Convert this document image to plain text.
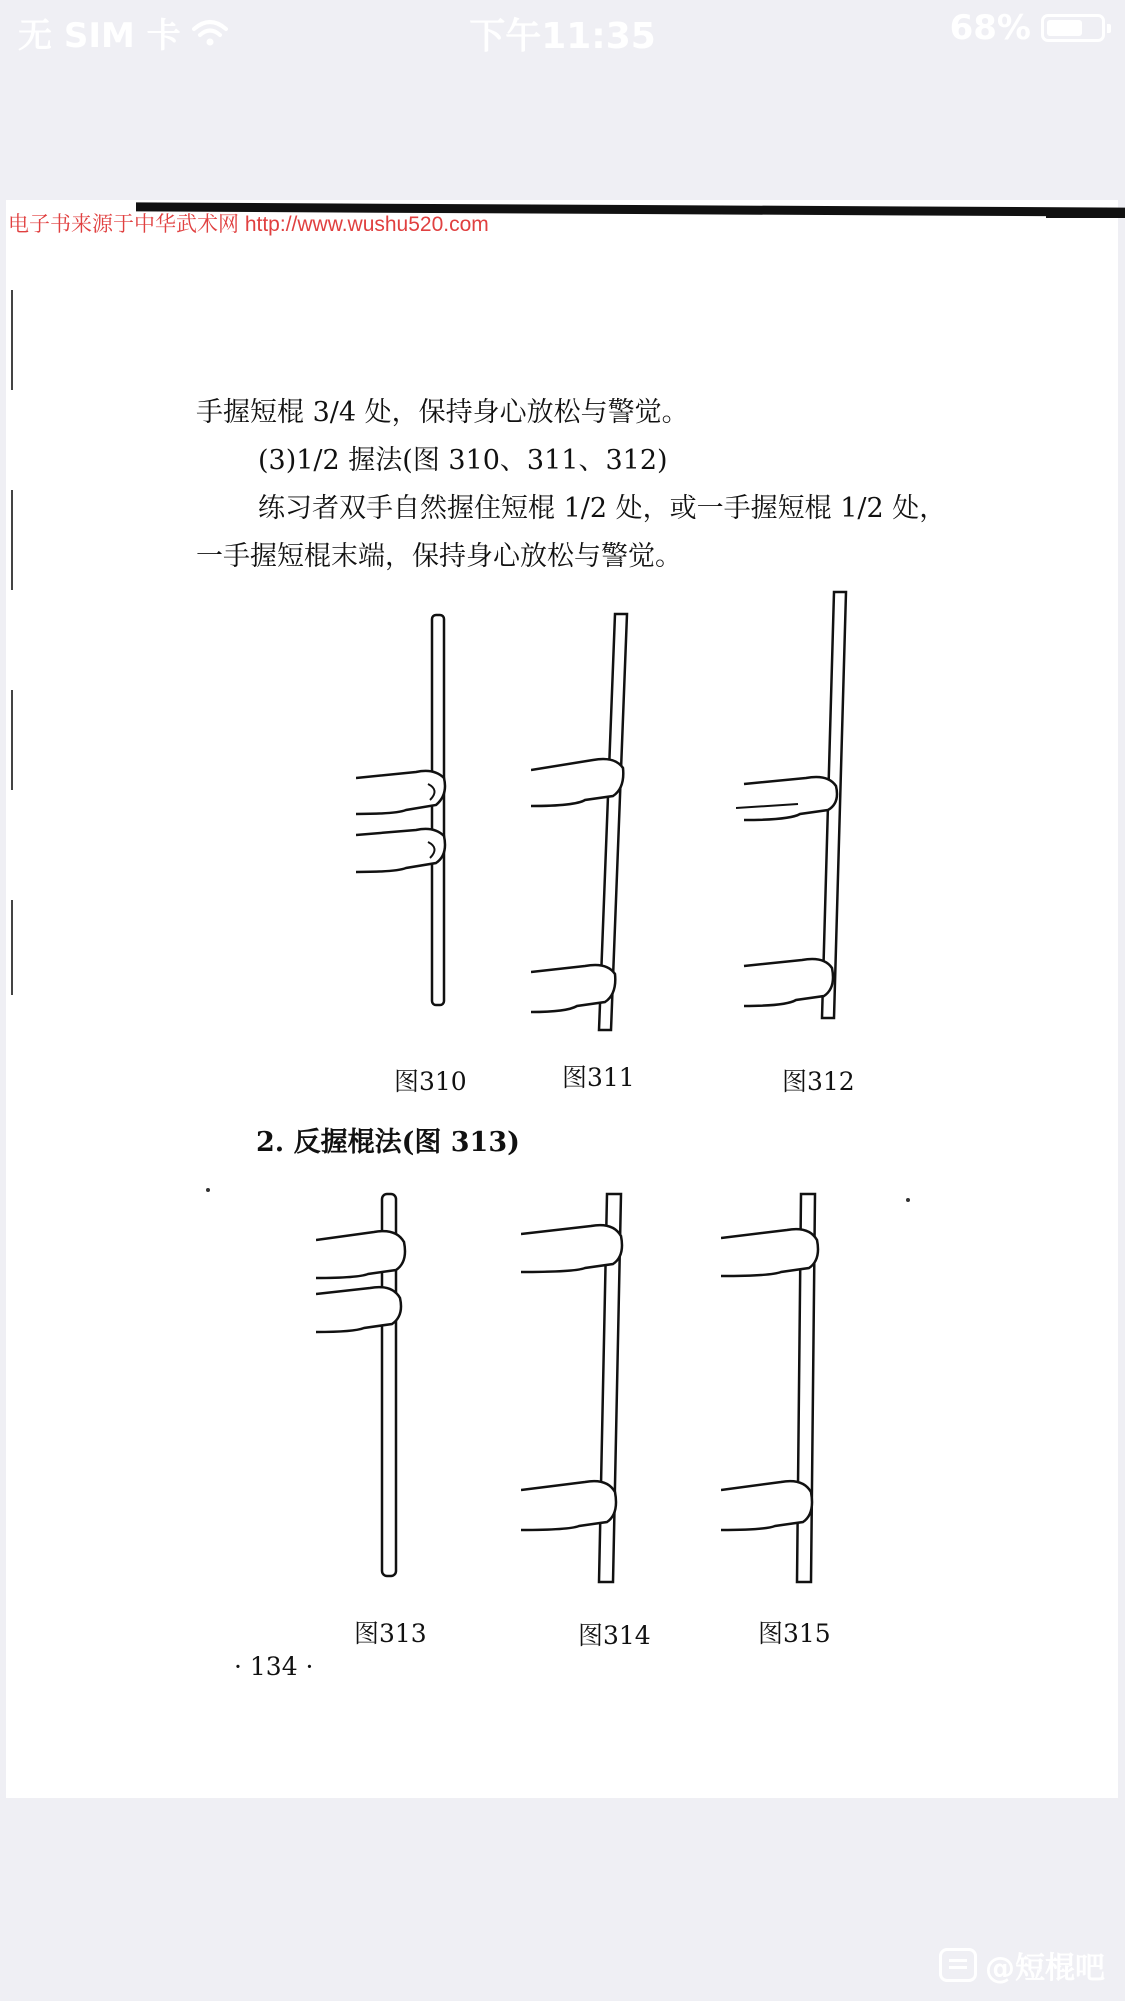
无 SIM 卡	下午11:35	68%
电子书来源于中华武术网 http://www.wushu520.com
手握短棍 3/4 处，保持身心放松与警觉。
(3)1/2 握法(图 310、311、312)
练习者双手自然握住短棍 1/2 处，或一手握短棍 1/2 处，
一手握短棍末端，保持身心放松与警觉。
图310	图311	图312
2. 反握棍法(图 313)
图313	图314	图315
· 134 ·
@短棍吧
